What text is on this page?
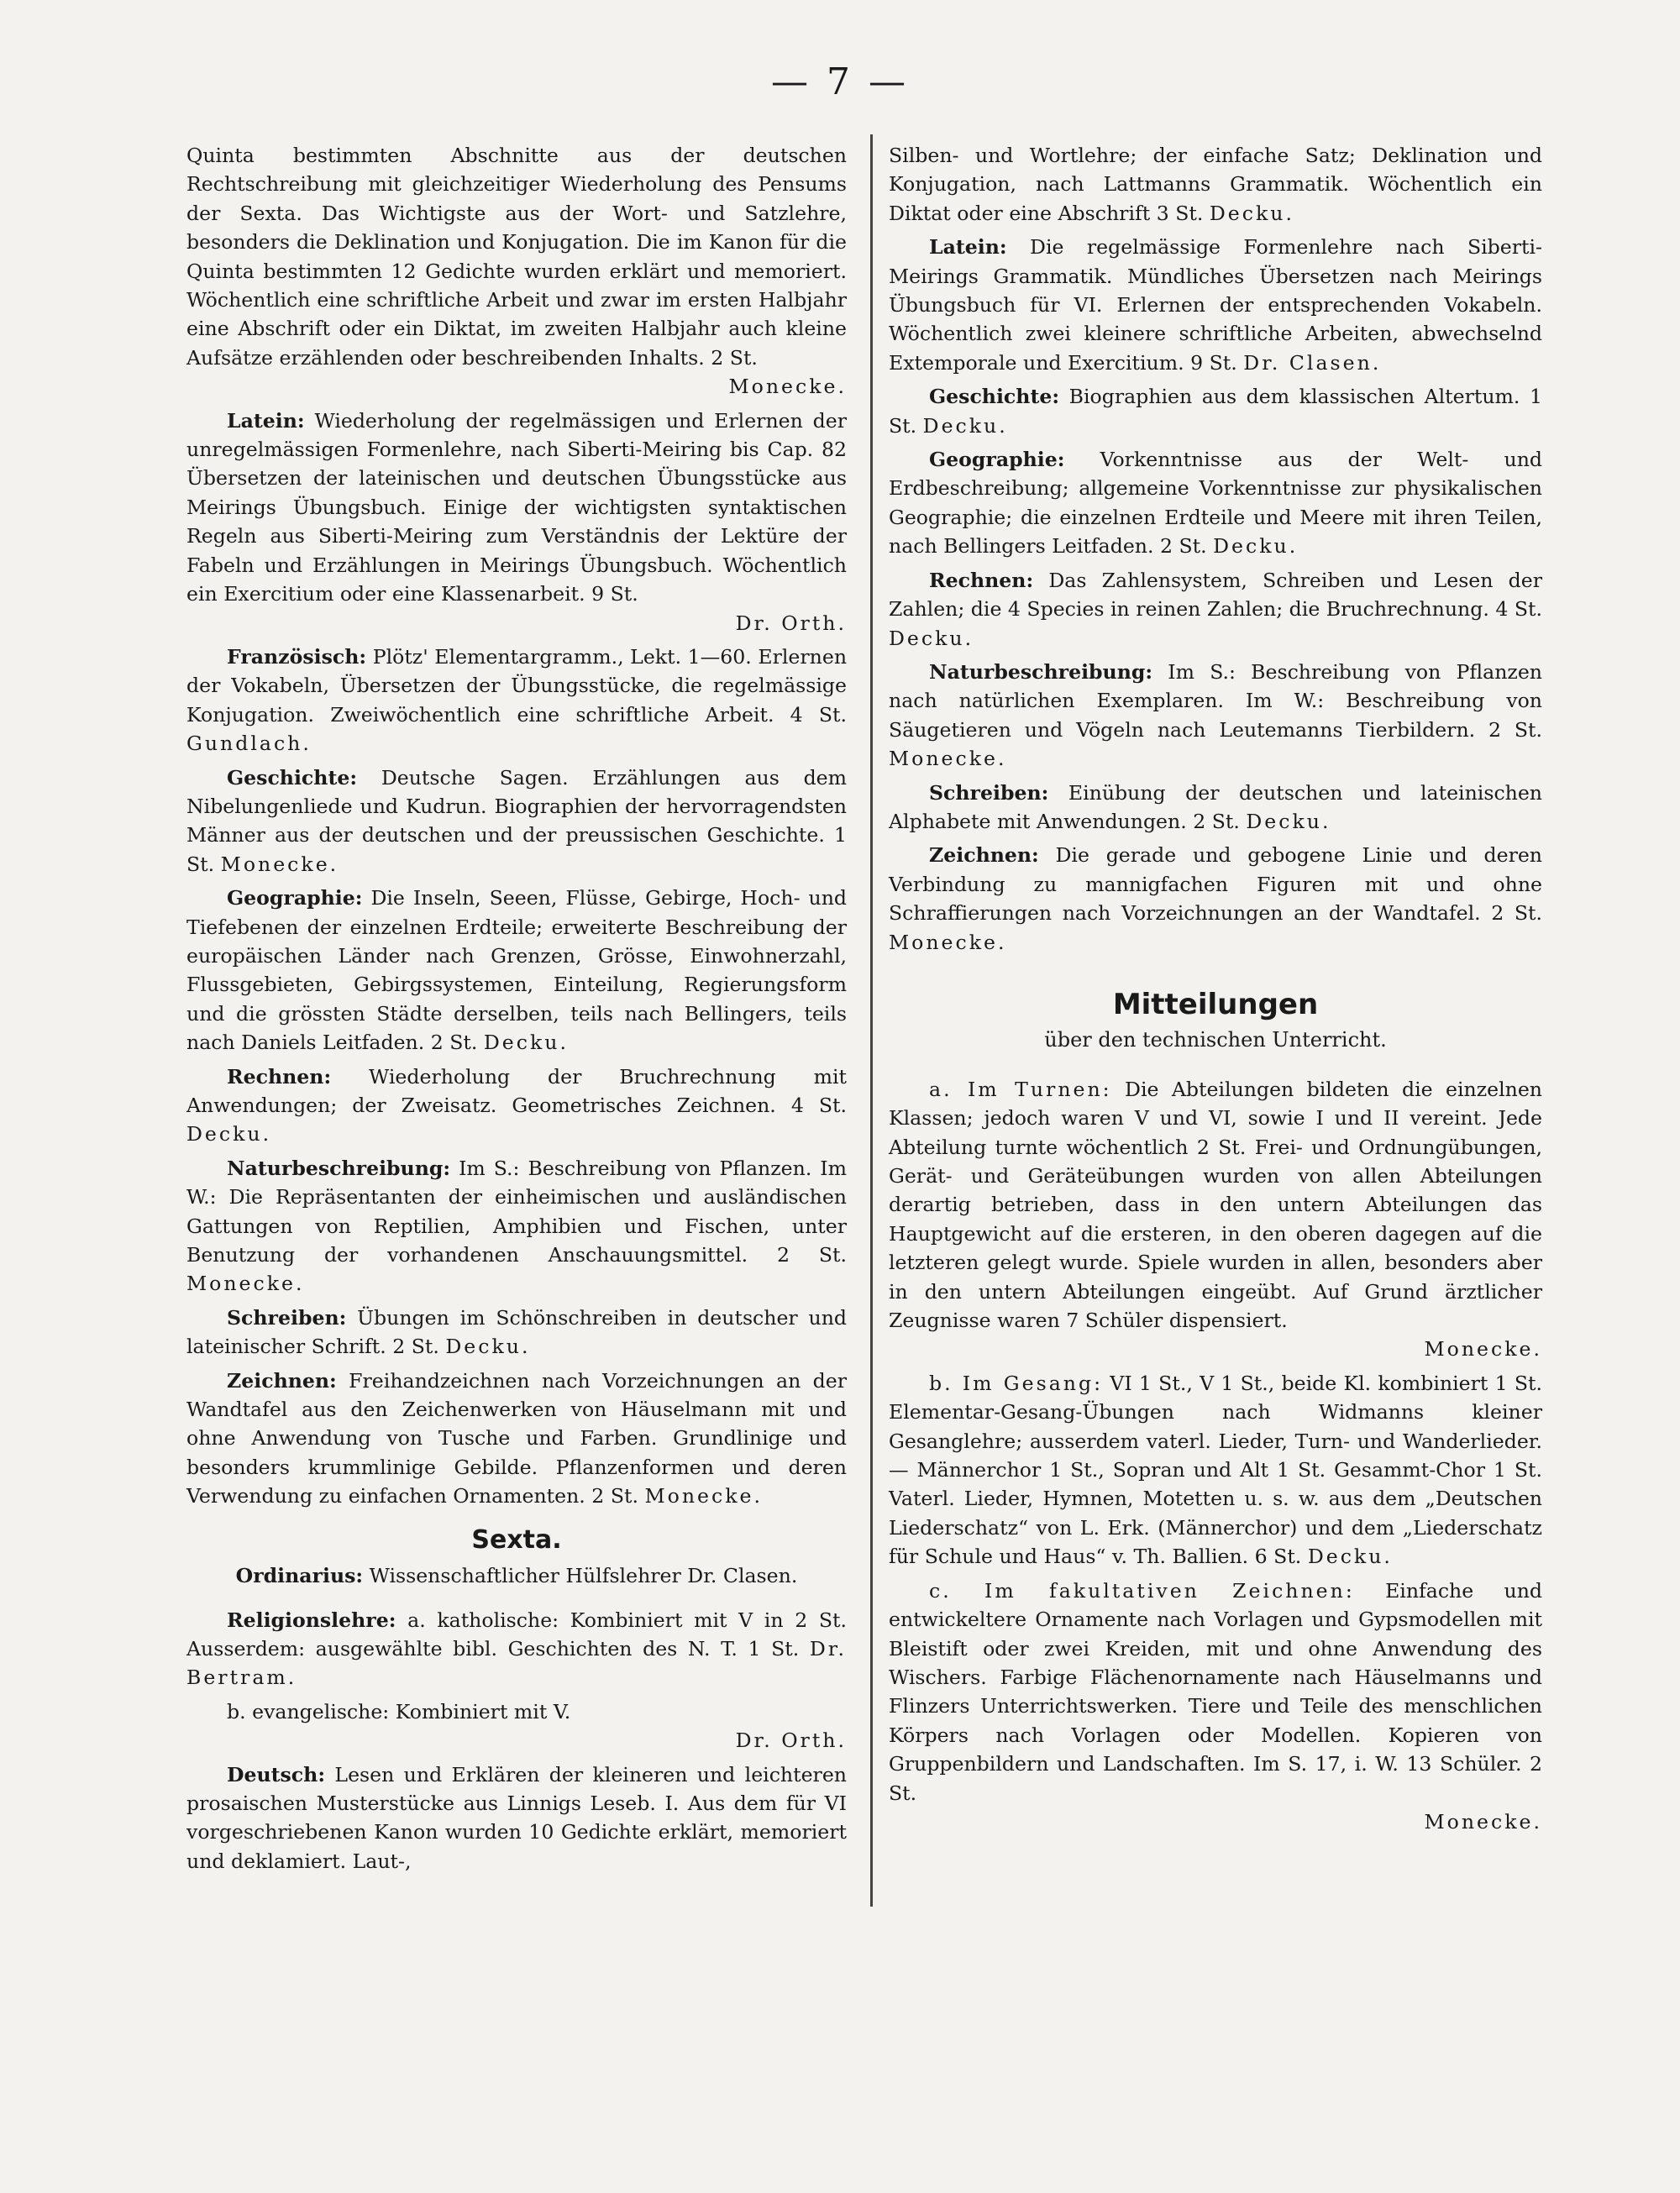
— 7 —

Quinta bestimmten Abschnitte aus der deutschen Rechtschreibung mit gleichzeitiger Wiederholung des Pensums der Sexta. Das Wichtigste aus der Wort- und Satzlehre, besonders die Deklination und Konjugation. Die im Kanon für die Quinta bestimmten 12 Gedichte wurden erklärt und memoriert. Wöchentlich eine schriftliche Arbeit und zwar im ersten Halbjahr eine Abschrift oder ein Diktat, im zweiten Halbjahr auch kleine Aufsätze erzählenden oder beschreibenden Inhalts. 2 St.
Monecke.

Latein: Wiederholung der regelmässigen und Erlernen der unregelmässigen Formenlehre, nach Siberti-Meiring bis Cap. 82 Übersetzen der lateinischen und deutschen Übungsstücke aus Meirings Übungsbuch. Einige der wichtigsten syntaktischen Regeln aus Siberti-Meiring zum Verständnis der Lektüre der Fabeln und Erzählungen in Meirings Übungsbuch. Wöchentlich ein Exercitium oder eine Klassenarbeit. 9 St.
Dr. Orth.

Französisch: Plötz' Elementargramm., Lekt. 1—60. Erlernen der Vokabeln, Übersetzen der Übungsstücke, die regelmässige Konjugation. Zweiwöchentlich eine schriftliche Arbeit. 4 St. Gundlach.

Geschichte: Deutsche Sagen. Erzählungen aus dem Nibelungenliede und Kudrun. Biographien der hervorragendsten Männer aus der deutschen und der preussischen Geschichte. 1 St. Monecke.

Geographie: Die Inseln, Seeen, Flüsse, Gebirge, Hoch- und Tiefebenen der einzelnen Erdteile; erweiterte Beschreibung der europäischen Länder nach Grenzen, Grösse, Einwohnerzahl, Flussgebieten, Gebirgssystemen, Einteilung, Regierungsform und die grössten Städte derselben, teils nach Bellingers, teils nach Daniels Leitfaden. 2 St. Decku.

Rechnen: Wiederholung der Bruchrechnung mit Anwendungen; der Zweisatz. Geometrisches Zeichnen. 4 St. Decku.

Naturbeschreibung: Im S.: Beschreibung von Pflanzen. Im W.: Die Repräsentanten der einheimischen und ausländischen Gattungen von Reptilien, Amphibien und Fischen, unter Benutzung der vorhandenen Anschauungsmittel. 2 St. Monecke.

Schreiben: Übungen im Schönschreiben in deutscher und lateinischer Schrift. 2 St. Decku.

Zeichnen: Freihandzeichnen nach Vorzeichnungen an der Wandtafel aus den Zeichenwerken von Häuselmann mit und ohne Anwendung von Tusche und Farben. Grundlinige und besonders krummlinige Gebilde. Pflanzenformen und deren Verwendung zu einfachen Ornamenten. 2 St. Monecke.

Sexta.

Ordinarius: Wissenschaftlicher Hülfslehrer Dr. Clasen.

Religionslehre: a. katholische: Kombiniert mit V in 2 St. Ausserdem: ausgewählte bibl. Geschichten des N. T. 1 St. Dr. Bertram.

b. evangelische: Kombiniert mit V.
Dr. Orth.

Deutsch: Lesen und Erklären der kleineren und leichteren prosaischen Musterstücke aus Linnigs Leseb. I. Aus dem für VI vorgeschriebenen Kanon wurden 10 Gedichte erklärt, memoriert und deklamiert. Laut-,

Silben- und Wortlehre; der einfache Satz; Deklination und Konjugation, nach Lattmanns Grammatik. Wöchentlich ein Diktat oder eine Abschrift 3 St. Decku.

Latein: Die regelmässige Formenlehre nach Siberti-Meirings Grammatik. Mündliches Übersetzen nach Meirings Übungsbuch für VI. Erlernen der entsprechenden Vokabeln. Wöchentlich zwei kleinere schriftliche Arbeiten, abwechselnd Extemporale und Exercitium. 9 St. Dr. Clasen.

Geschichte: Biographien aus dem klassischen Altertum. 1 St. Decku.

Geographie: Vorkenntnisse aus der Welt- und Erdbeschreibung; allgemeine Vorkenntnisse zur physikalischen Geographie; die einzelnen Erdteile und Meere mit ihren Teilen, nach Bellingers Leitfaden. 2 St. Decku.

Rechnen: Das Zahlensystem, Schreiben und Lesen der Zahlen; die 4 Species in reinen Zahlen; die Bruchrechnung. 4 St. Decku.

Naturbeschreibung: Im S.: Beschreibung von Pflanzen nach natürlichen Exemplaren. Im W.: Beschreibung von Säugetieren und Vögeln nach Leutemanns Tierbildern. 2 St. Monecke.

Schreiben: Einübung der deutschen und lateinischen Alphabete mit Anwendungen. 2 St. Decku.

Zeichnen: Die gerade und gebogene Linie und deren Verbindung zu mannigfachen Figuren mit und ohne Schraffierungen nach Vorzeichnungen an der Wandtafel. 2 St. Monecke.

Mitteilungen
über den technischen Unterricht.

a. Im Turnen: Die Abteilungen bildeten die einzelnen Klassen; jedoch waren V und VI, sowie I und II vereint. Jede Abteilung turnte wöchentlich 2 St. Frei- und Ordnungübungen, Gerät- und Geräteübungen wurden von allen Abteilungen derartig betrieben, dass in den untern Abteilungen das Hauptgewicht auf die ersteren, in den oberen dagegen auf die letzteren gelegt wurde. Spiele wurden in allen, besonders aber in den untern Abteilungen eingeübt. Auf Grund ärztlicher Zeugnisse waren 7 Schüler dispensiert.
Monecke.

b. Im Gesang: VI 1 St., V 1 St., beide Kl. kombiniert 1 St. Elementar-Gesang-Übungen nach Widmanns kleiner Gesanglehre; ausserdem vaterl. Lieder, Turn- und Wanderlieder. — Männerchor 1 St., Sopran und Alt 1 St. Gesammt-Chor 1 St. Vaterl. Lieder, Hymnen, Motetten u. s. w. aus dem „Deutschen Liederschatz“ von L. Erk. (Männerchor) und dem „Liederschatz für Schule und Haus“ v. Th. Ballien. 6 St. Decku.

c. Im fakultativen Zeichnen: Einfache und entwickeltere Ornamente nach Vorlagen und Gypsmodellen mit Bleistift oder zwei Kreiden, mit und ohne Anwendung des Wischers. Farbige Flächenornamente nach Häuselmanns und Flinzers Unterrichtswerken. Tiere und Teile des menschlichen Körpers nach Vorlagen oder Modellen. Kopieren von Gruppenbildern und Landschaften. Im S. 17, i. W. 13 Schüler. 2 St.
Monecke.
